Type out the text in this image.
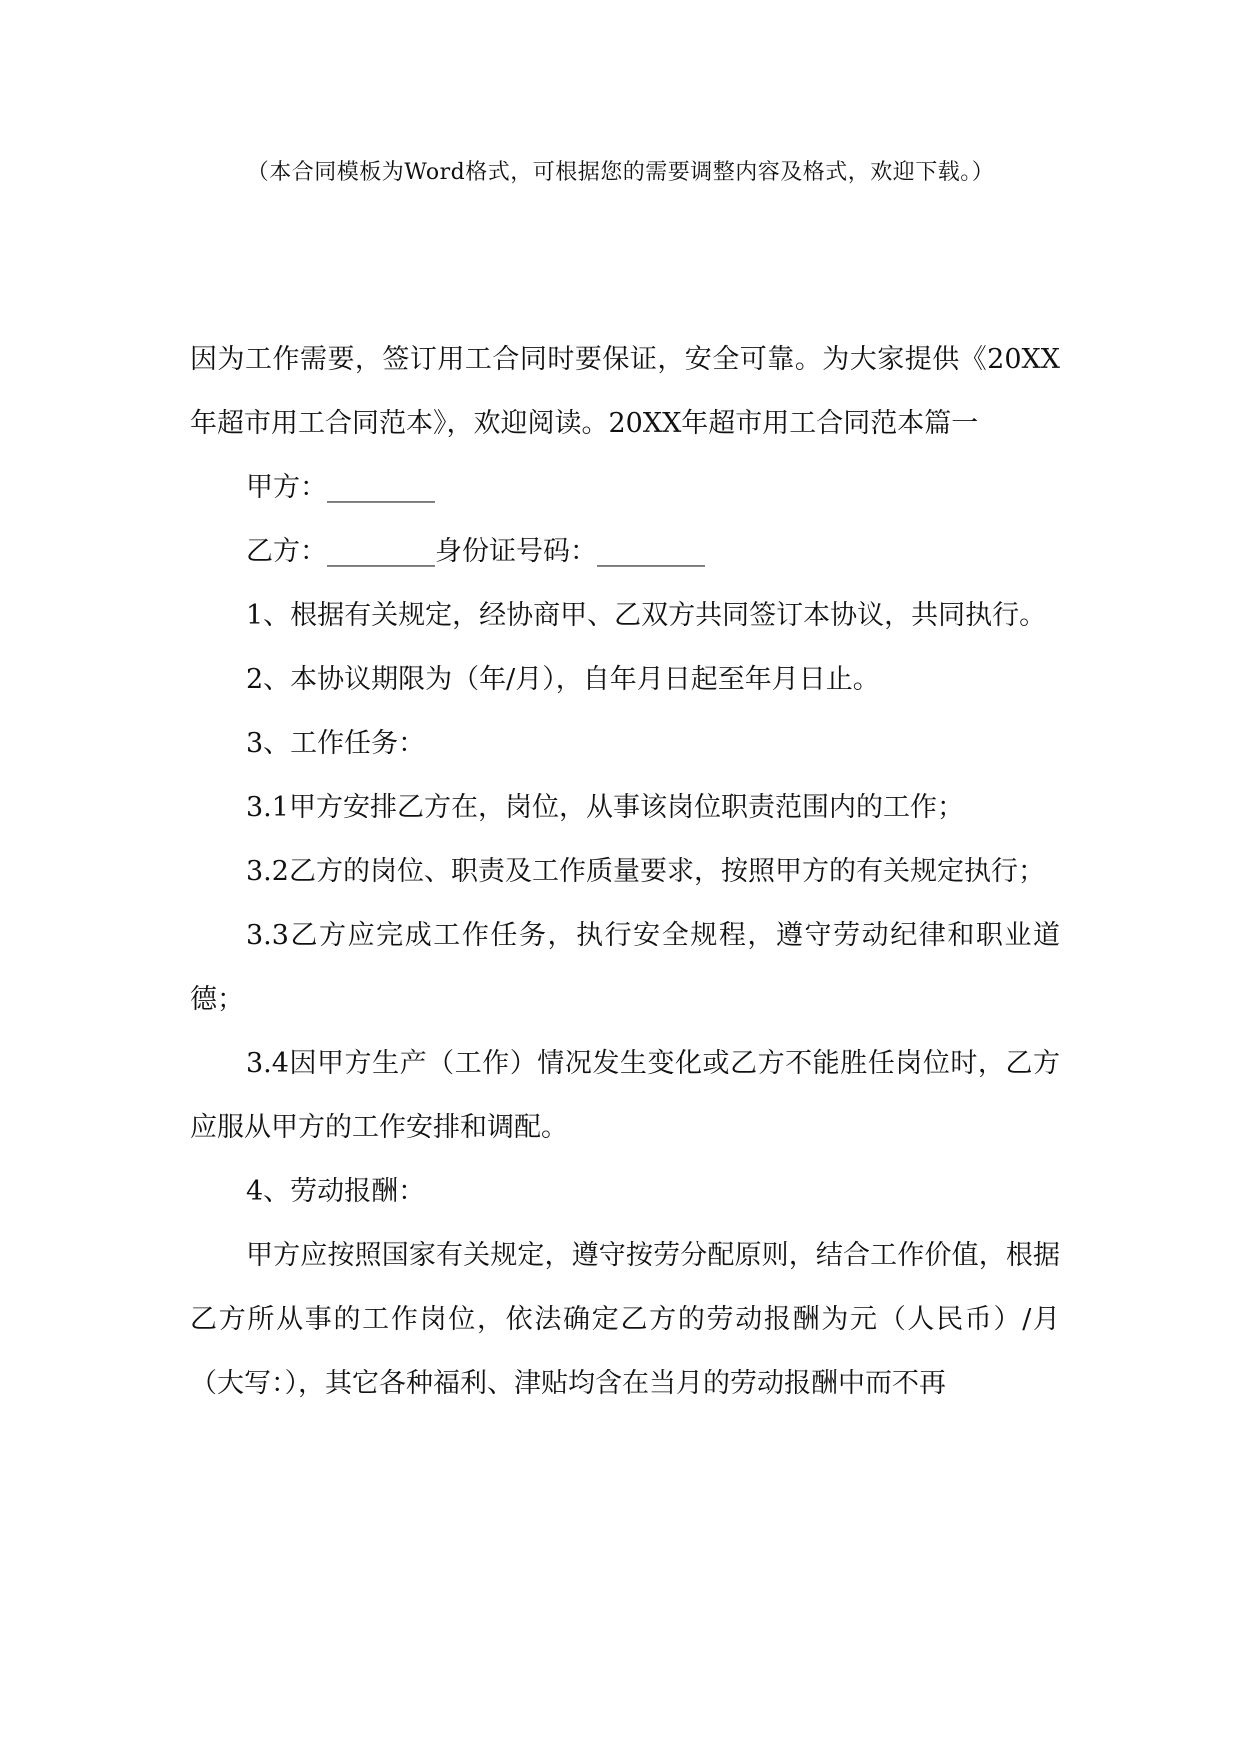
（本合同模板为Word格式，可根据您的需要调整内容及格式，欢迎下载。）

因为工作需要，签订用工合同时要保证，安全可靠。为大家提供《20XX年超市用工合同范本》，欢迎阅读。20XX年超市用工合同范本篇一

甲方：________

乙方：________身份证号码：________

1、根据有关规定，经协商甲、乙双方共同签订本协议，共同执行。

2、本协议期限为（年/月），自年月日起至年月日止。

3、工作任务：

3.1甲方安排乙方在，岗位，从事该岗位职责范围内的工作；

3.2乙方的岗位、职责及工作质量要求，按照甲方的有关规定执行；

3.3乙方应完成工作任务，执行安全规程，遵守劳动纪律和职业道德；

3.4因甲方生产（工作）情况发生变化或乙方不能胜任岗位时，乙方应服从甲方的工作安排和调配。

4、劳动报酬：

甲方应按照国家有关规定，遵守按劳分配原则，结合工作价值，根据乙方所从事的工作岗位，依法确定乙方的劳动报酬为元（人民币）/月（大写：），其它各种福利、津贴均含在当月的劳动报酬中而不再
